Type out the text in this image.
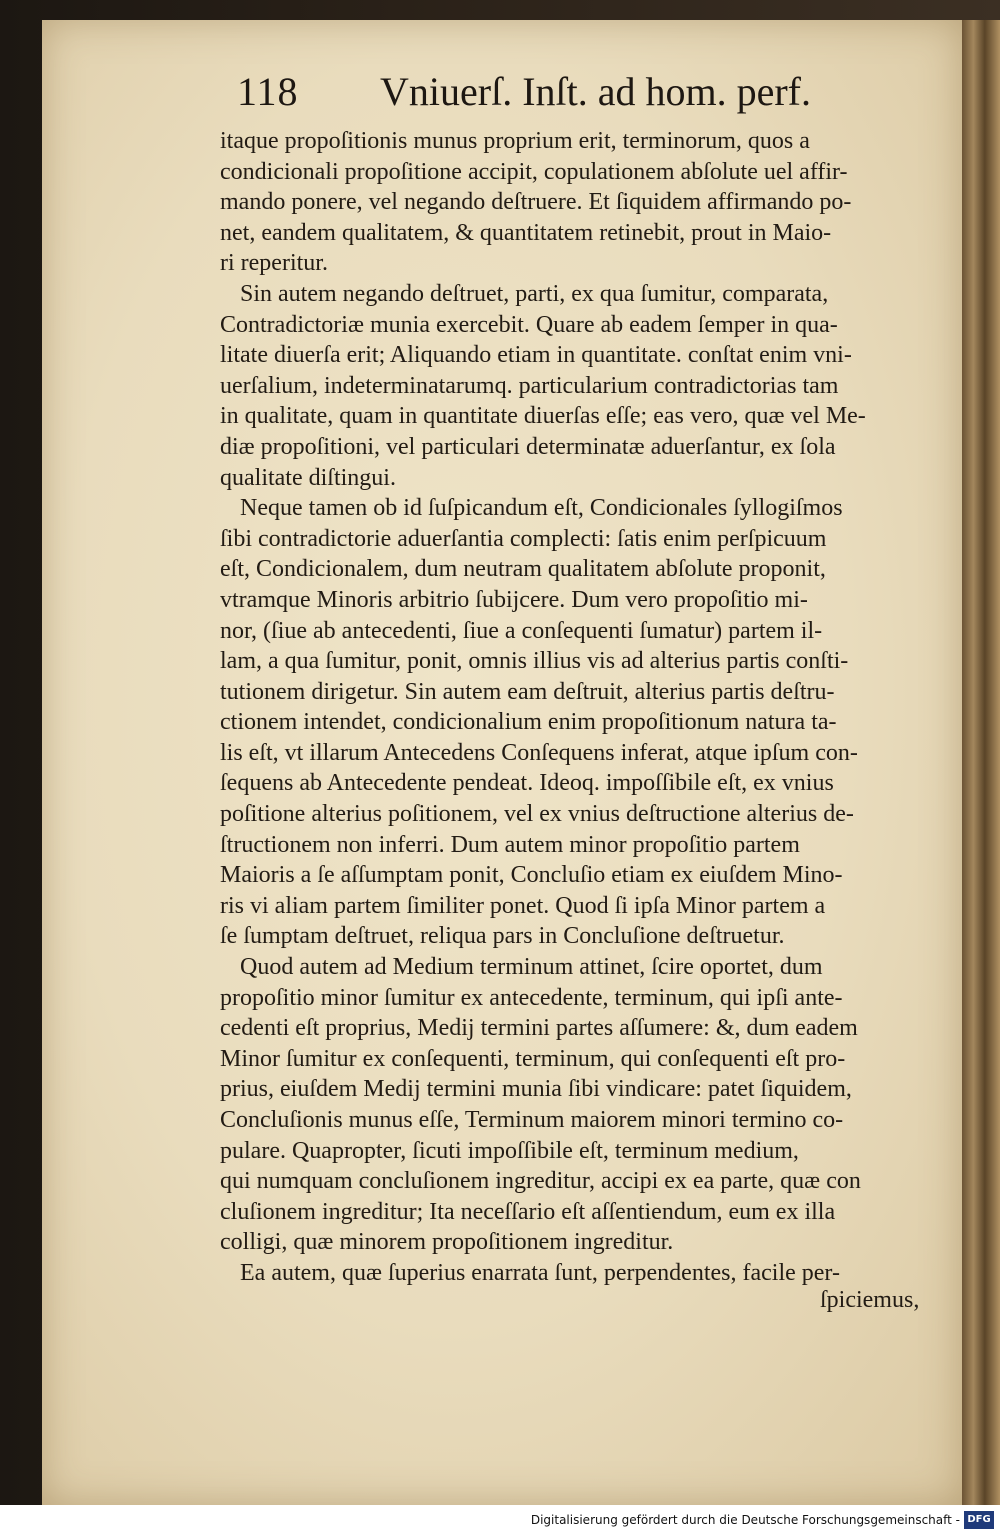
118 Vniuerſ. Inſt. ad hom. perf.
itaque propoſitionis munus proprium erit, terminorum, quos a
condicionali propoſitione accipit, copulationem abſolute uel affir-
mando ponere, vel negando deſtruere. Et ſiquidem affirmando po-
net, eandem qualitatem, & quantitatem retinebit, prout in Maio-
ri reperitur.
Sin autem negando deſtruet, parti, ex qua ſumitur, comparata,
Contradictoriæ munia exercebit. Quare ab eadem ſemper in qua-
litate diuerſa erit; Aliquando etiam in quantitate. conſtat enim vni-
uerſalium, indeterminatarumq. particularium contradictorias tam
in qualitate, quam in quantitate diuerſas eſſe; eas vero, quæ vel Me-
diæ propoſitioni, vel particulari determinatæ aduerſantur, ex ſola
qualitate diſtingui.
Neque tamen ob id ſuſpicandum eſt, Condicionales ſyllogiſmos
ſibi contradictorie aduerſantia complecti: ſatis enim perſpicuum
eſt, Condicionalem, dum neutram qualitatem abſolute proponit,
vtramque Minoris arbitrio ſubijcere. Dum vero propoſitio mi-
nor, (ſiue ab antecedenti, ſiue a conſequenti ſumatur) partem il-
lam, a qua ſumitur, ponit, omnis illius vis ad alterius partis conſti-
tutionem dirigetur. Sin autem eam deſtruit, alterius partis deſtru-
ctionem intendet, condicionalium enim propoſitionum natura ta-
lis eſt, vt illarum Antecedens Conſequens inferat, atque ipſum con-
ſequens ab Antecedente pendeat. Ideoq. impoſſibile eſt, ex vnius
poſitione alterius poſitionem, vel ex vnius deſtructione alterius de-
ſtructionem non inferri. Dum autem minor propoſitio partem
Maioris a ſe aſſumptam ponit, Concluſio etiam ex eiuſdem Mino-
ris vi aliam partem ſimiliter ponet. Quod ſi ipſa Minor partem a
ſe ſumptam deſtruet, reliqua pars in Concluſione deſtruetur.
Quod autem ad Medium terminum attinet, ſcire oportet, dum
propoſitio minor ſumitur ex antecedente, terminum, qui ipſi ante-
cedenti eſt proprius, Medij termini partes aſſumere: &, dum eadem
Minor ſumitur ex conſequenti, terminum, qui conſequenti eſt pro-
prius, eiuſdem Medij termini munia ſibi vindicare: patet ſiquidem,
Concluſionis munus eſſe, Terminum maiorem minori termino co-
pulare. Quapropter, ſicuti impoſſibile eſt, terminum medium,
qui numquam concluſionem ingreditur, accipi ex ea parte, quæ con
cluſionem ingreditur; Ita neceſſario eſt aſſentiendum, eum ex illa
colligi, quæ minorem propoſitionem ingreditur.
Ea autem, quæ ſuperius enarrata ſunt, perpendentes, facile per-
ſpiciemus,
Digitalisierung gefördert durch die Deutsche Forschungsgemeinschaft - DFG
